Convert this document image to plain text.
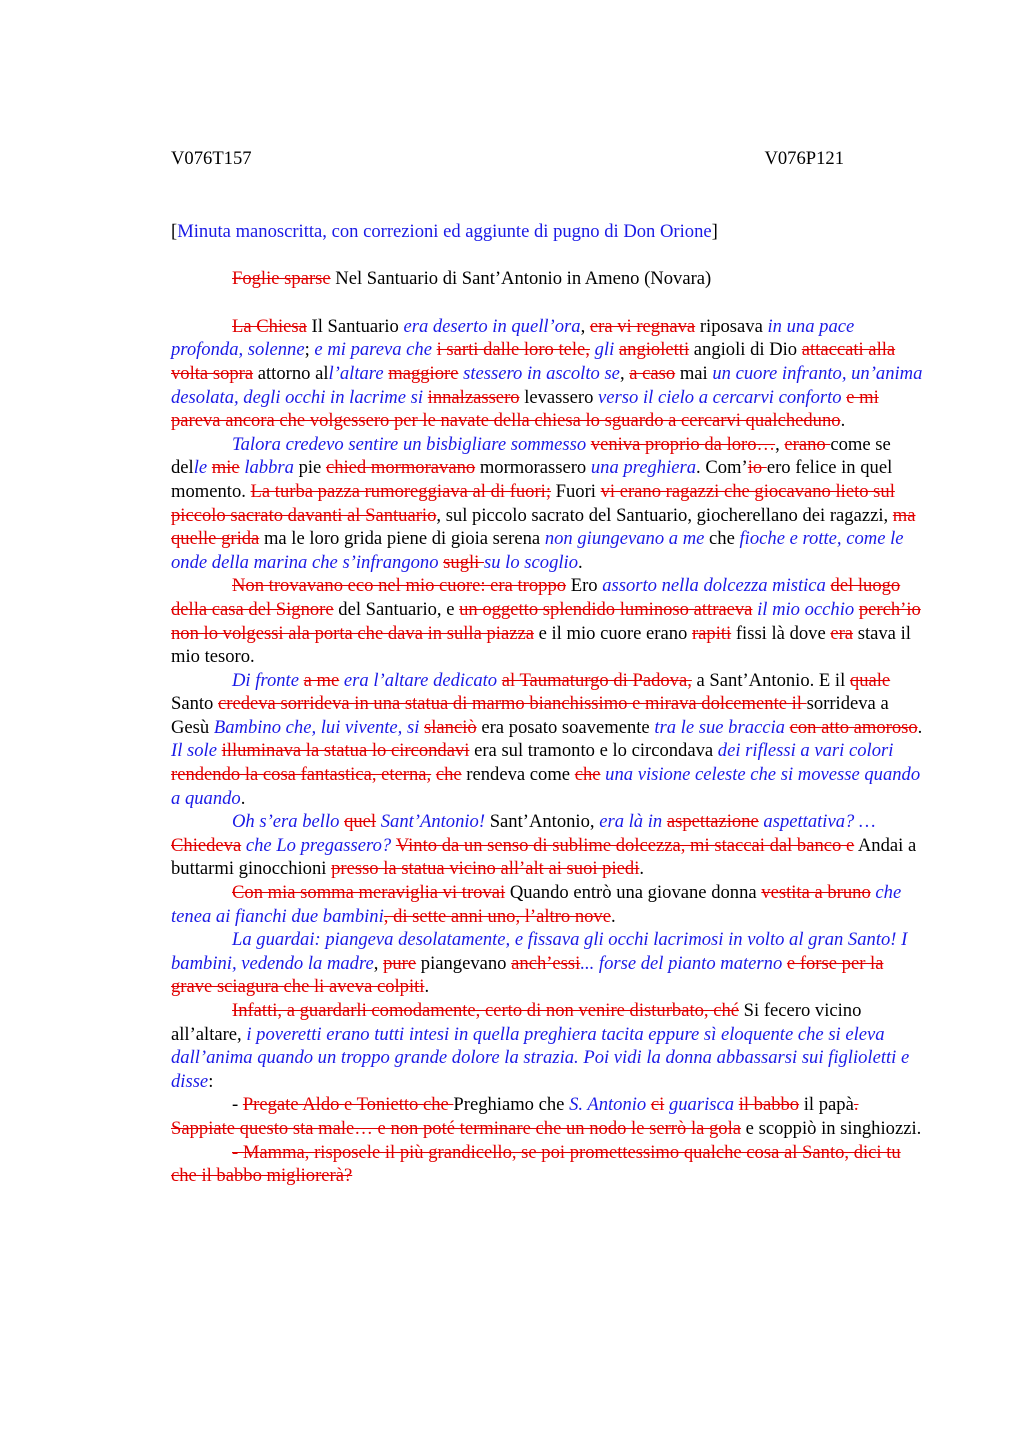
V076T157	V076P121

[Minuta manoscritta, con correzioni ed aggiunte di pugno di Don Orione]

Foglie sparse Nel Santuario di Sant’Antonio in Ameno (Novara)

La Chiesa Il Santuario era deserto in quell’ora, era vi regnava riposava in una pace profonda, solenne; e mi pareva che i sarti dalle loro tele, gli angioletti angioli di Dio attaccati alla volta sopra attorno all’altare maggiore stessero in ascolto se, a caso mai un cuore infranto, un’anima desolata, degli occhi in lacrime si innalzassero levassero verso il cielo a cercarvi conforto e mi pareva ancora che volgessero per le navate della chiesa lo sguardo a cercarvi qualcheduno.

Talora credevo sentire un bisbigliare sommesso veniva proprio da loro…, erano come se delle mie labbra pie chied mormoravano mormorassero una preghiera. Com’io ero felice in quel momento. La turba pazza rumoreggiava al di fuori; Fuori vi erano ragazzi che giocavano lieto sul piccolo sacrato davanti al Santuario, sul piccolo sacrato del Santuario, giocherellano dei ragazzi, ma quelle grida ma le loro grida piene di gioia serena non giungevano a me che fioche e rotte, come le onde della marina che s’infrangono sugli su lo scoglio.

Non trovavano eco nel mio cuore: era troppo Ero assorto nella dolcezza mistica del luogo della casa del Signore del Santuario, e un oggetto splendido luminoso attraeva il mio occhio perch’io non lo volgessi ala porta che dava in sulla piazza e il mio cuore erano rapiti fissi là dove era stava il mio tesoro.

Di fronte a me era l’altare dedicato al Taumaturgo di Padova, a Sant’Antonio. E il quale Santo credeva sorrideva in una statua di marmo bianchissimo e mirava dolcemente il sorrideva a Gesù Bambino che, lui vivente, si slanciò era posato soavemente tra le sue braccia con atto amoroso. Il sole illuminava la statua lo circondavi era sul tramonto e lo circondava dei riflessi a vari colori rendendo la cosa fantastica, eterna, che rendeva come che una visione celeste che si movesse quando a quando.

Oh s’era bello quel Sant’Antonio! Sant’Antonio, era là in aspettazione aspettativa? …Chiedeva che Lo pregassero? Vinto da un senso di sublime dolcezza, mi staccai dal banco e Andai a buttarmi ginocchioni presso la statua vicino all’alt ai suoi piedi.

Con mia somma meraviglia vi trovai Quando entrò una giovane donna vestita a bruno che tenea ai fianchi due bambini, di sette anni uno, l’altro nove.

La guardai: piangeva desolatamente, e fissava gli occhi lacrimosi in volto al gran Santo! I bambini, vedendo la madre, pure piangevano anch’essi... forse del pianto materno e forse per la grave sciagura che li aveva colpiti.

Infatti, a guardarli comodamente, certo di non venire disturbato, ché Si fecero vicino all’altare, i poveretti erano tutti intesi in quella preghiera tacita eppure sì eloquente che si eleva dall’anima quando un troppo grande dolore la strazia. Poi vidi la donna abbassarsi sui figlioletti e disse:

- Pregate Aldo e Tonietto che Preghiamo che S. Antonio ci guarisca il babbo il papà. Sappiate questo sta male… e non poté terminare che un nodo le serrò la gola e scoppiò in singhiozzi.

- Mamma, risposele il più grandicello, se poi promettessimo qualche cosa al Santo, dici tu che il babbo migliorerà?
